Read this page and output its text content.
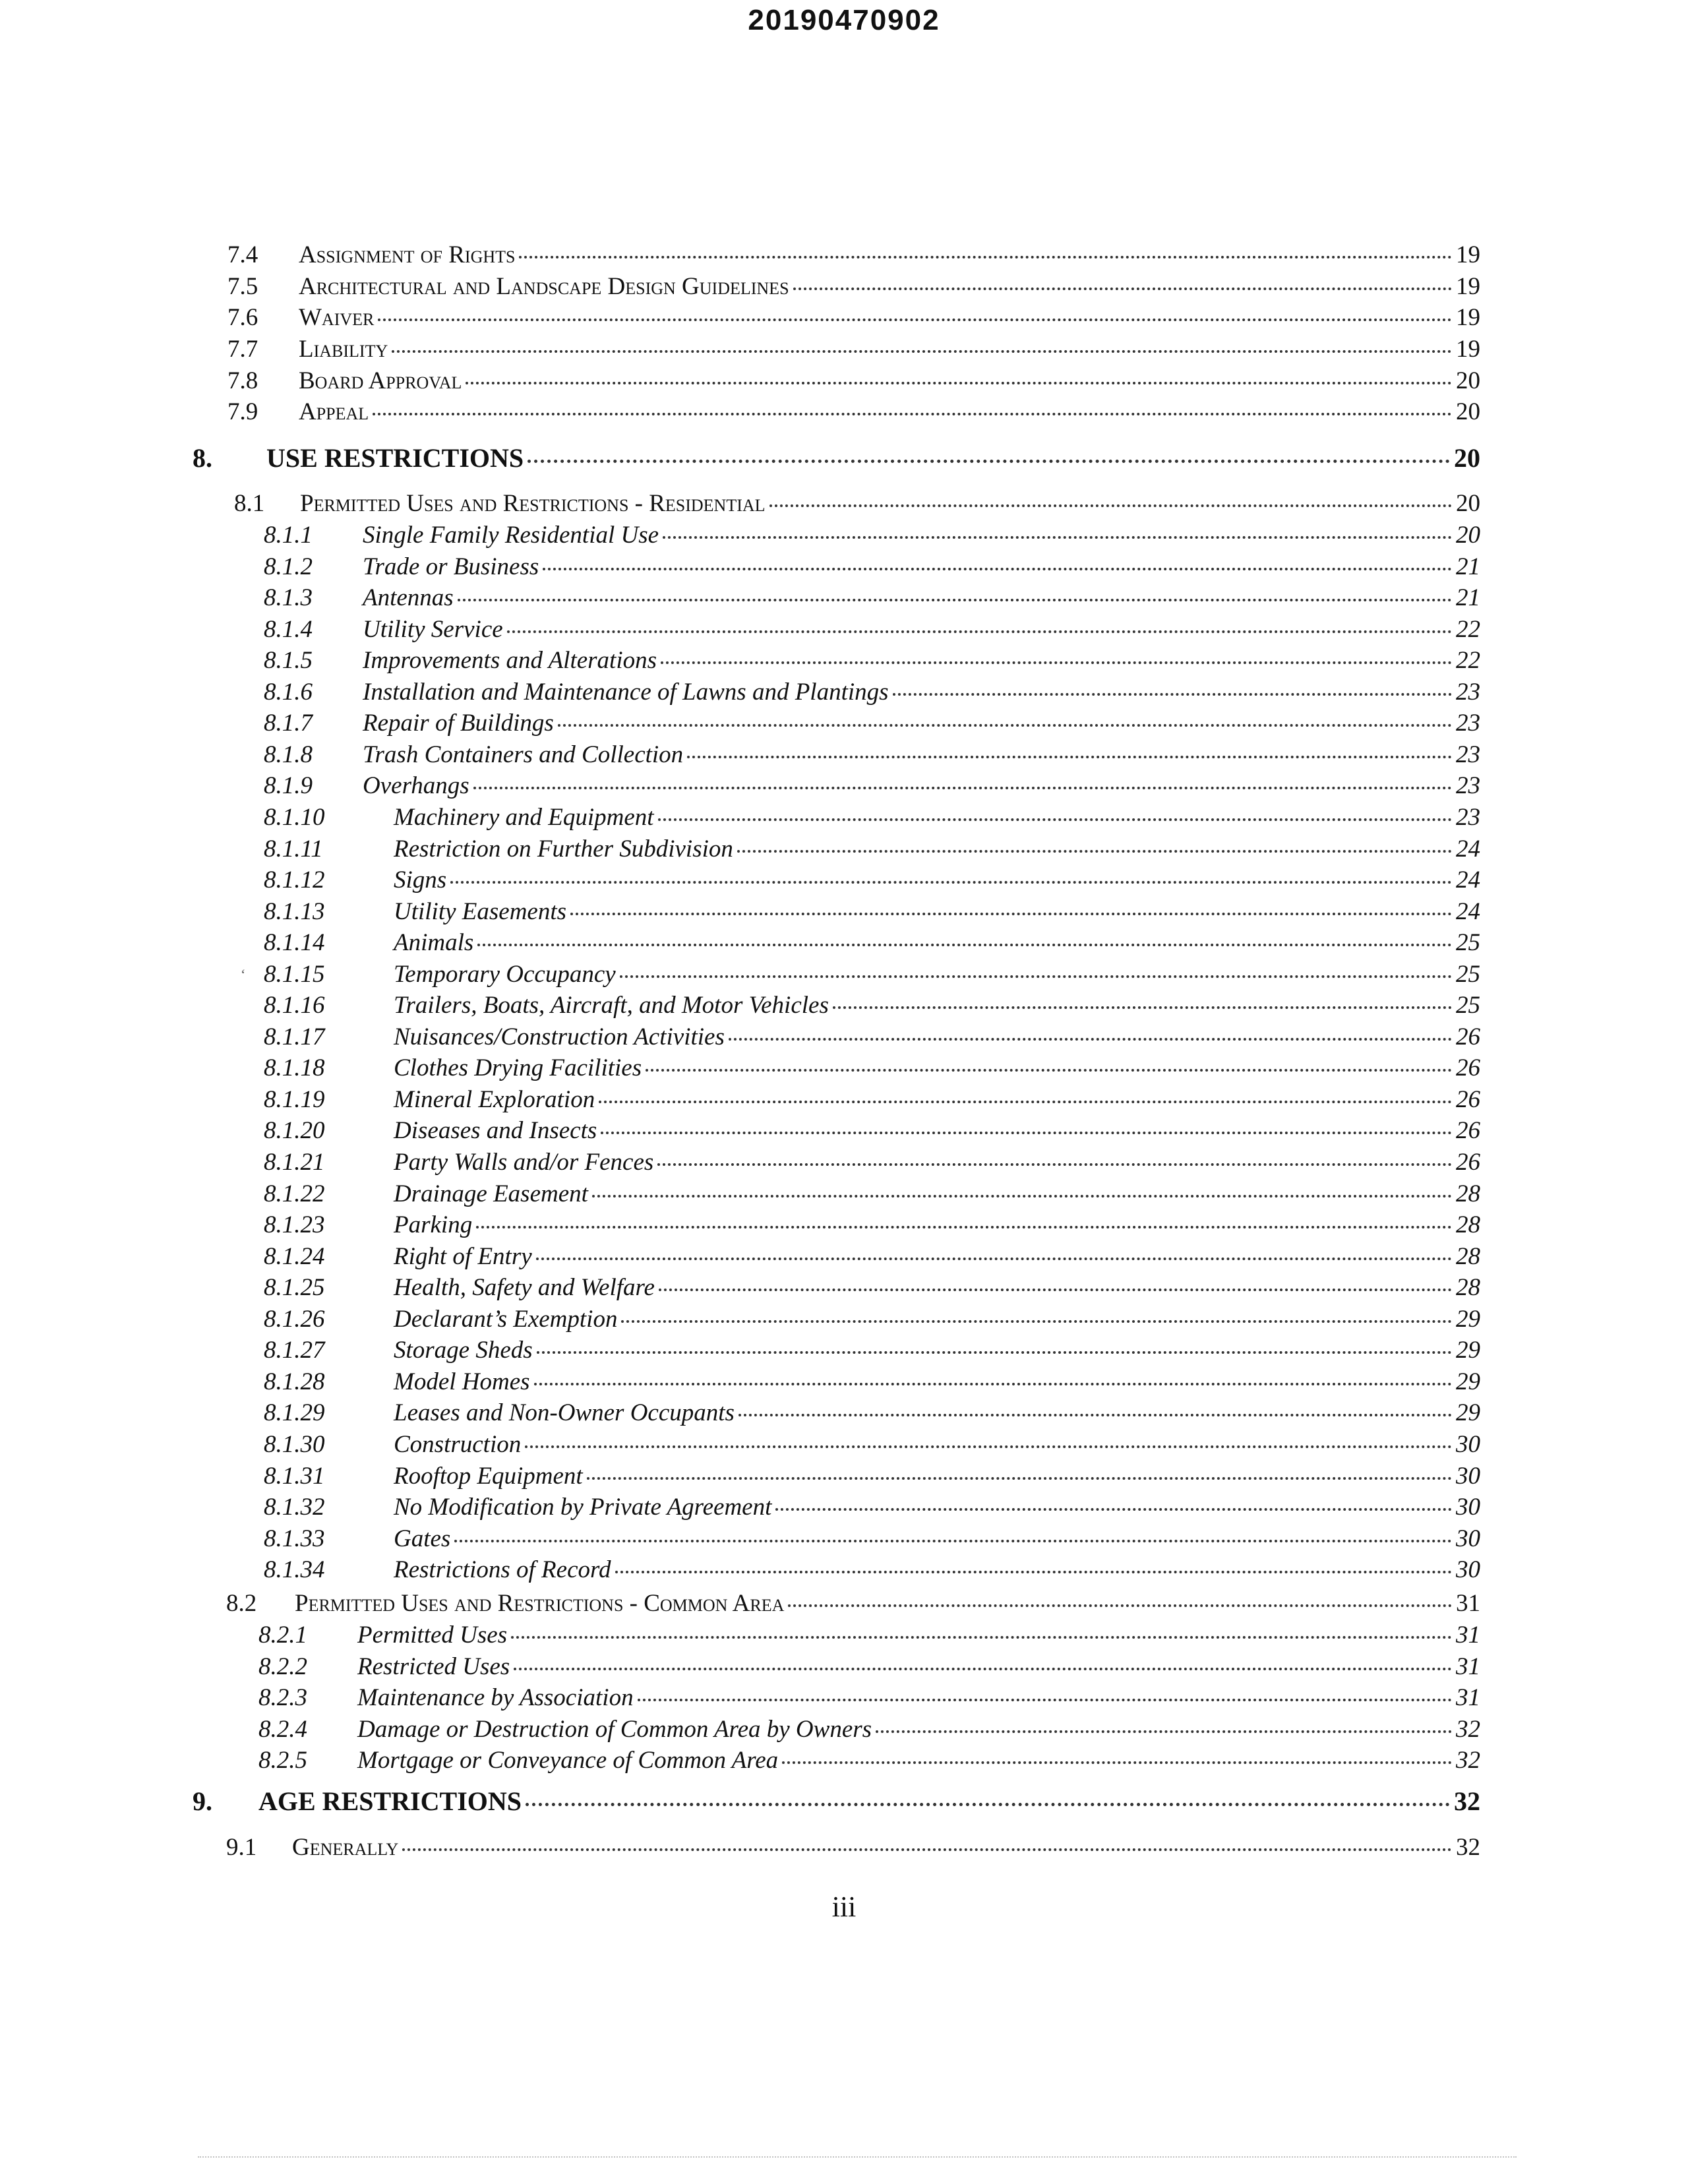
20190470902
7.4	Assignment of Rights	19
7.5	Architectural and Landscape Design Guidelines	19
7.6	Waiver	19
7.7	Liability	19
7.8	Board Approval	20
7.9	Appeal	20
8.	USE RESTRICTIONS	20
8.1	Permitted Uses and Restrictions - Residential	20
8.1.1	Single Family Residential Use	20
8.1.2	Trade or Business	21
8.1.3	Antennas	21
8.1.4	Utility Service	22
8.1.5	Improvements and Alterations	22
8.1.6	Installation and Maintenance of Lawns and Plantings	23
8.1.7	Repair of Buildings	23
8.1.8	Trash Containers and Collection	23
8.1.9	Overhangs	23
8.1.10	Machinery and Equipment	23
8.1.11	Restriction on Further Subdivision	24
8.1.12	Signs	24
8.1.13	Utility Easements	24
8.1.14	Animals	25
8.1.15	Temporary Occupancy	25
8.1.16	Trailers, Boats, Aircraft, and Motor Vehicles	25
8.1.17	Nuisances/Construction Activities	26
8.1.18	Clothes Drying Facilities	26
8.1.19	Mineral Exploration	26
8.1.20	Diseases and Insects	26
8.1.21	Party Walls and/or Fences	26
8.1.22	Drainage Easement	28
8.1.23	Parking	28
8.1.24	Right of Entry	28
8.1.25	Health, Safety and Welfare	28
8.1.26	Declarant’s Exemption	29
8.1.27	Storage Sheds	29
8.1.28	Model Homes	29
8.1.29	Leases and Non-Owner Occupants	29
8.1.30	Construction	30
8.1.31	Rooftop Equipment	30
8.1.32	No Modification by Private Agreement	30
8.1.33	Gates	30
8.1.34	Restrictions of Record	30
8.2	Permitted Uses and Restrictions - Common Area	31
8.2.1	Permitted Uses	31
8.2.2	Restricted Uses	31
8.2.3	Maintenance by Association	31
8.2.4	Damage or Destruction of Common Area by Owners	32
8.2.5	Mortgage or Conveyance of Common Area	32
9.	AGE RESTRICTIONS	32
9.1	Generally	32
‘
iii
